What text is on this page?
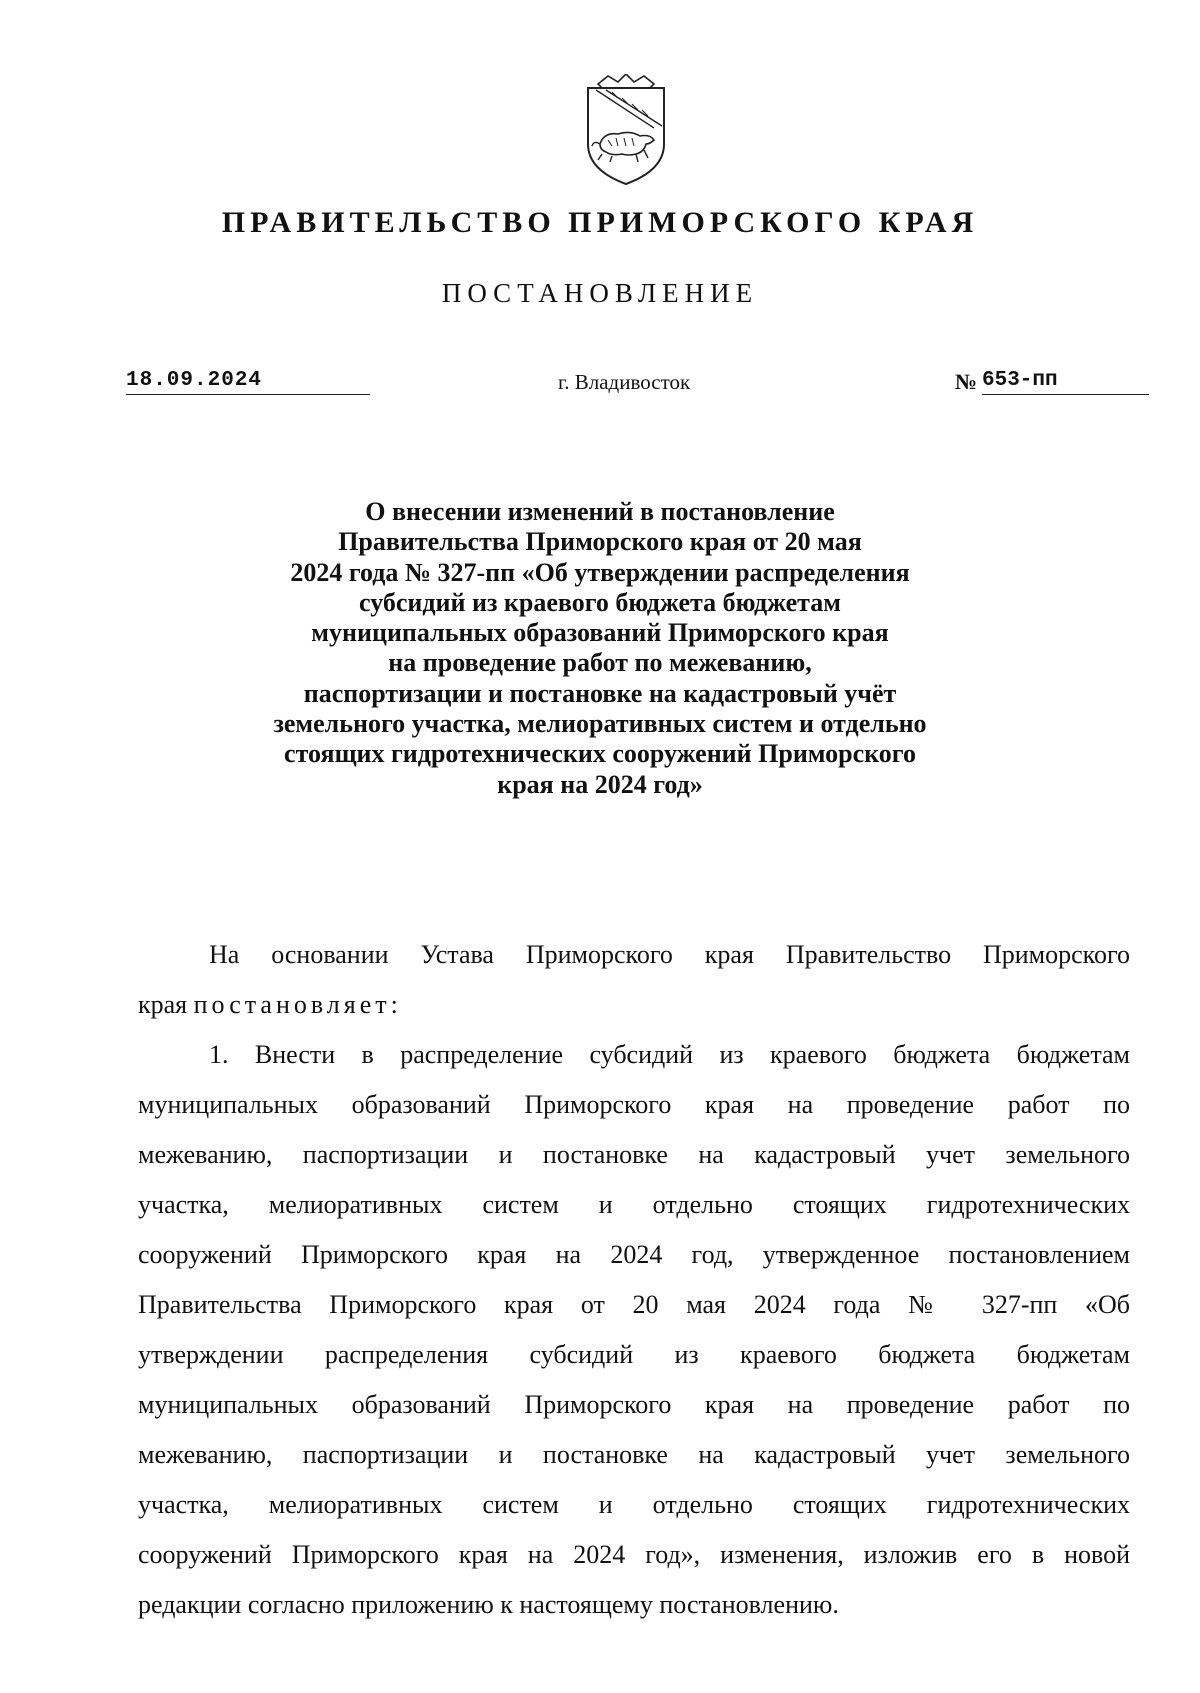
ПРАВИТЕЛЬСТВО ПРИМОРСКОГО КРАЯ
ПОСТАНОВЛЕНИЕ
18.09.2024	г. Владивосток	№ 653-пп
О внесении изменений в постановление
Правительства Приморского края от 20 мая
2024 года № 327-пп «Об утверждении распределения
субсидий из краевого бюджета бюджетам
муниципальных образований Приморского края
на проведение работ по межеванию,
паспортизации и постановке на кадастровый учёт
земельного участка, мелиоративных систем и отдельно
стоящих гидротехнических сооружений Приморского
края на 2024 год»
На основании Устава Приморского края Правительство Приморского
края постановляет:
1. Внести в распределение субсидий из краевого бюджета бюджетам
муниципальных образований Приморского края на проведение работ по
межеванию, паспортизации и постановке на кадастровый учет земельного
участка, мелиоративных систем и отдельно стоящих гидротехнических
сооружений Приморского края на 2024 год, утвержденное постановлением
Правительства Приморского края от 20 мая 2024 года № 327-пп «Об
утверждении распределения субсидий из краевого бюджета бюджетам
муниципальных образований Приморского края на проведение работ по
межеванию, паспортизации и постановке на кадастровый учет земельного
участка, мелиоративных систем и отдельно стоящих гидротехнических
сооружений Приморского края на 2024 год», изменения, изложив его в новой
редакции согласно приложению к настоящему постановлению.
